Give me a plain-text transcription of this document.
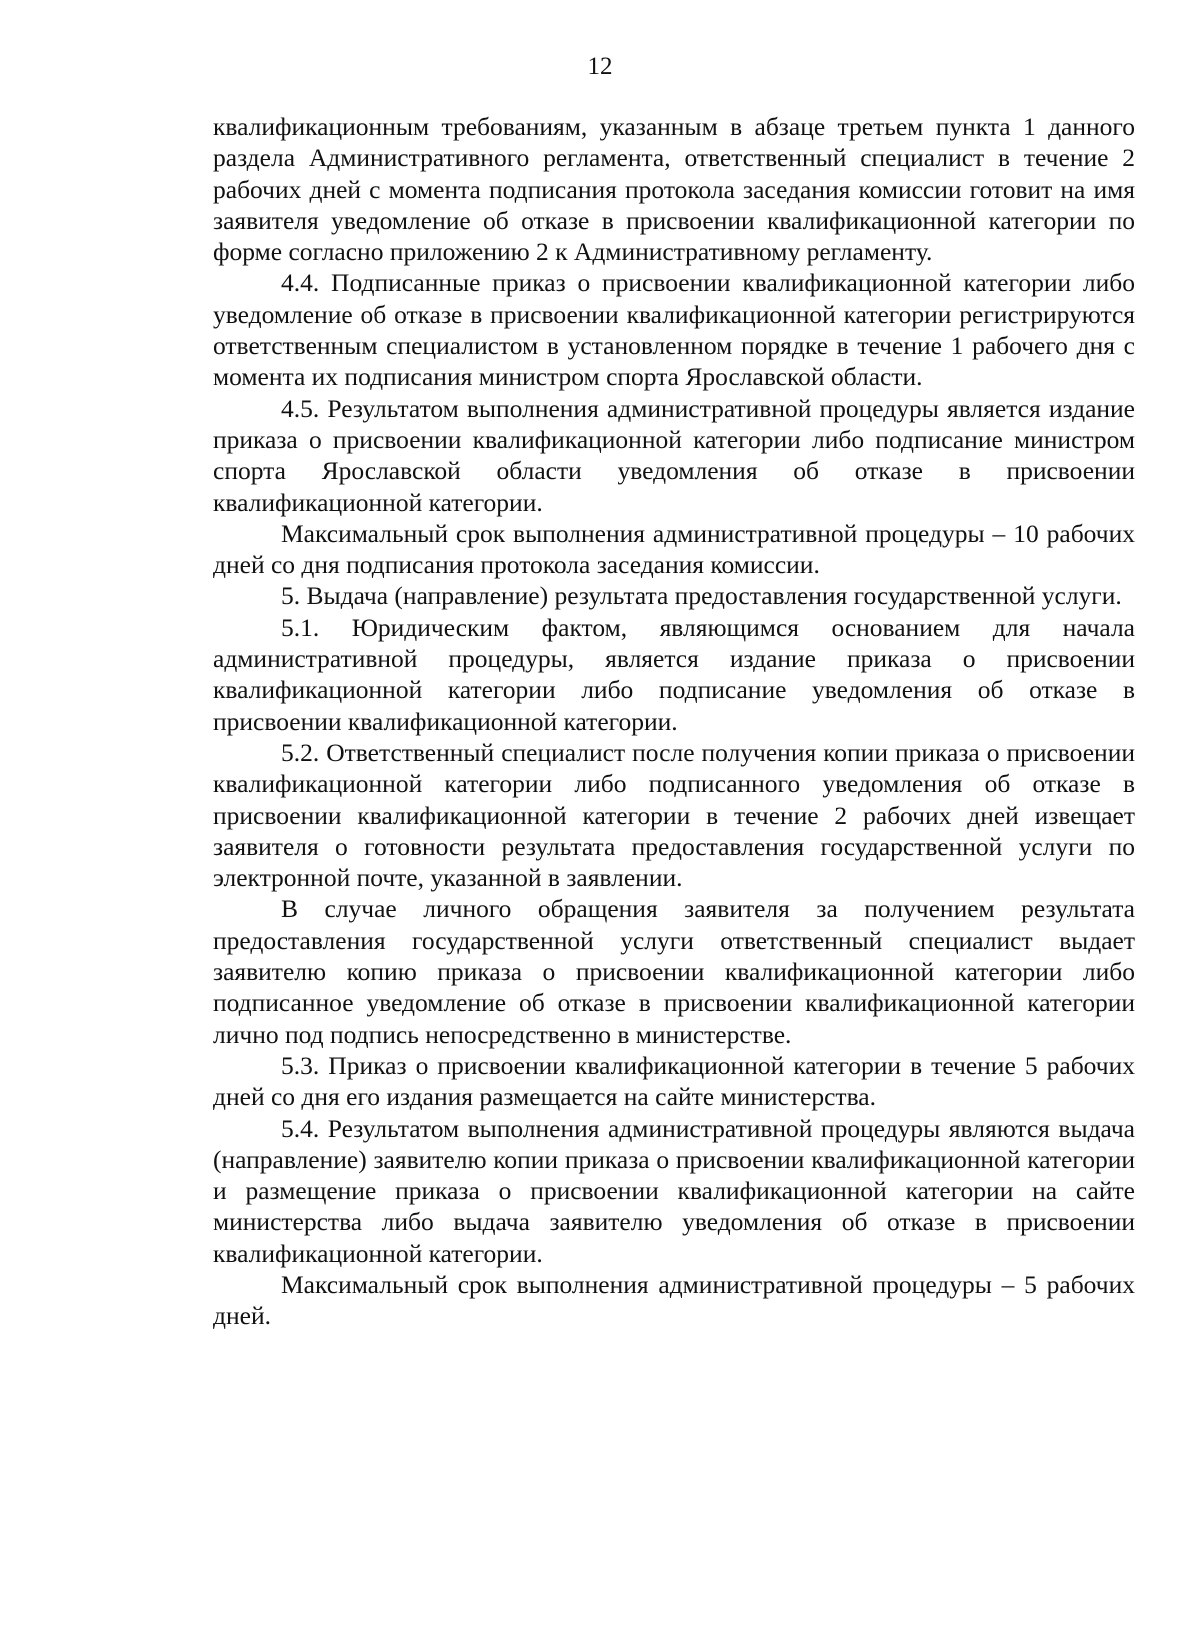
12

квалификационным требованиям, указанным в абзаце третьем пункта 1 данного раздела Административного регламента, ответственный специалист в течение 2 рабочих дней с момента подписания протокола заседания комиссии готовит на имя заявителя уведомление об отказе в присвоении квалификационной категории по форме согласно приложению 2 к Административному регламенту.

4.4. Подписанные приказ о присвоении квалификационной категории либо уведомление об отказе в присвоении квалификационной категории регистрируются ответственным специалистом в установленном порядке в течение 1 рабочего дня с момента их подписания министром спорта Ярославской области.

4.5. Результатом выполнения административной процедуры является издание приказа о присвоении квалификационной категории либо подписание министром спорта Ярославской области уведомления об отказе в присвоении квалификационной категории.

Максимальный срок выполнения административной процедуры – 10 рабочих дней со дня подписания протокола заседания комиссии.

5. Выдача (направление) результата предоставления государственной услуги.

5.1. Юридическим фактом, являющимся основанием для начала административной процедуры, является издание приказа о присвоении квалификационной категории либо подписание уведомления об отказе в присвоении квалификационной категории.

5.2. Ответственный специалист после получения копии приказа о присвоении квалификационной категории либо подписанного уведомления об отказе в присвоении квалификационной категории в течение 2 рабочих дней извещает заявителя о готовности результата предоставления государственной услуги по электронной почте, указанной в заявлении.

В случае личного обращения заявителя за получением результата предоставления государственной услуги ответственный специалист выдает заявителю копию приказа о присвоении квалификационной категории либо подписанное уведомление об отказе в присвоении квалификационной категории лично под подпись непосредственно в министерстве.

5.3. Приказ о присвоении квалификационной категории в течение 5 рабочих дней со дня его издания размещается на сайте министерства.

5.4. Результатом выполнения административной процедуры являются выдача (направление) заявителю копии приказа о присвоении квалификационной категории и размещение приказа о присвоении квалификационной категории на сайте министерства либо выдача заявителю уведомления об отказе в присвоении квалификационной категории.

Максимальный срок выполнения административной процедуры – 5 рабочих дней.
